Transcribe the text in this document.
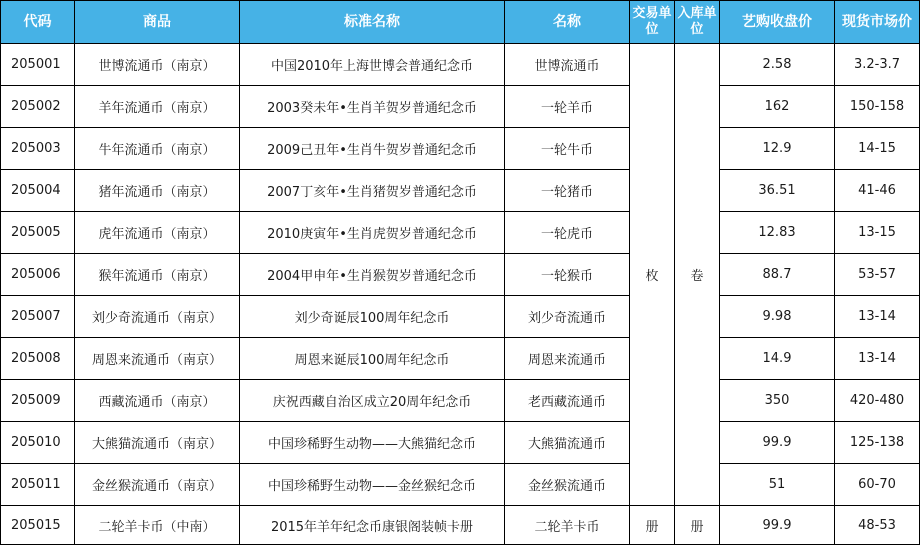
代码	商品	标准名称	名称	交易单位	入库单位	艺购收盘价	现货市场价
205001	世博流通币（南京）	中国2010年上海世博会普通纪念币	世博流通币	枚	卷	2.58	3.2-3.7
205002	羊年流通币（南京）	2003癸未年•生肖羊贺岁普通纪念币	一轮羊币			162	150-158
205003	牛年流通币（南京）	2009己丑年•生肖牛贺岁普通纪念币	一轮牛币			12.9	14-15
205004	猪年流通币（南京）	2007丁亥年•生肖猪贺岁普通纪念币	一轮猪币			36.51	41-46
205005	虎年流通币（南京）	2010庚寅年•生肖虎贺岁普通纪念币	一轮虎币			12.83	13-15
205006	猴年流通币（南京）	2004甲申年•生肖猴贺岁普通纪念币	一轮猴币			88.7	53-57
205007	刘少奇流通币（南京）	刘少奇诞辰100周年纪念币	刘少奇流通币			9.98	13-14
205008	周恩来流通币（南京）	周恩来诞辰100周年纪念币	周恩来流通币			14.9	13-14
205009	西藏流通币（南京）	庆祝西藏自治区成立20周年纪念币	老西藏流通币			350	420-480
205010	大熊猫流通币（南京）	中国珍稀野生动物——大熊猫纪念币	大熊猫流通币			99.9	125-138
205011	金丝猴流通币（南京）	中国珍稀野生动物——金丝猴纪念币	金丝猴流通币			51	60-70
205015	二轮羊卡币（中南）	2015年羊年纪念币康银阁装帧卡册	二轮羊卡币	册	册	99.9	48-53
